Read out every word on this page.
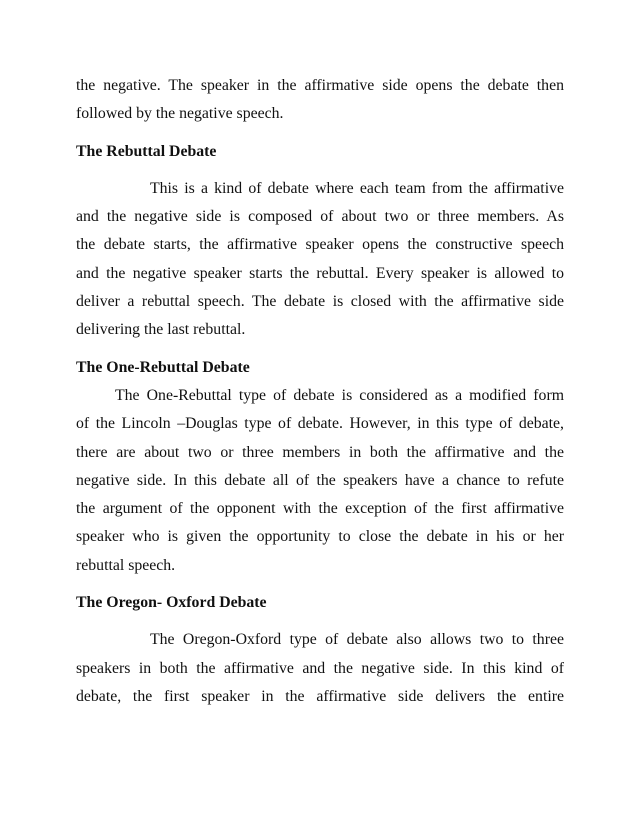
the negative. The speaker in the affirmative side opens the debate then
followed by the negative speech.
The Rebuttal Debate
This is a kind of debate where each team from the affirmative
and the negative side is composed of about two or three members. As
the debate starts, the affirmative speaker opens the constructive speech
and the negative speaker starts the rebuttal. Every speaker is allowed to
deliver a rebuttal speech. The debate is closed with the affirmative side
delivering the last rebuttal.
The One-Rebuttal Debate
The One-Rebuttal type of debate is considered as a modified form
of the Lincoln –Douglas type of debate. However, in this type of debate,
there are about two or three members in both the affirmative and the
negative side. In this debate all of the speakers have a chance to refute
the argument of the opponent with the exception of the first affirmative
speaker who is given the opportunity to close the debate in his or her
rebuttal speech.
The Oregon- Oxford Debate
The Oregon-Oxford type of debate also allows two to three
speakers in both the affirmative and the negative side. In this kind of
debate, the first speaker in the affirmative side delivers the entire
